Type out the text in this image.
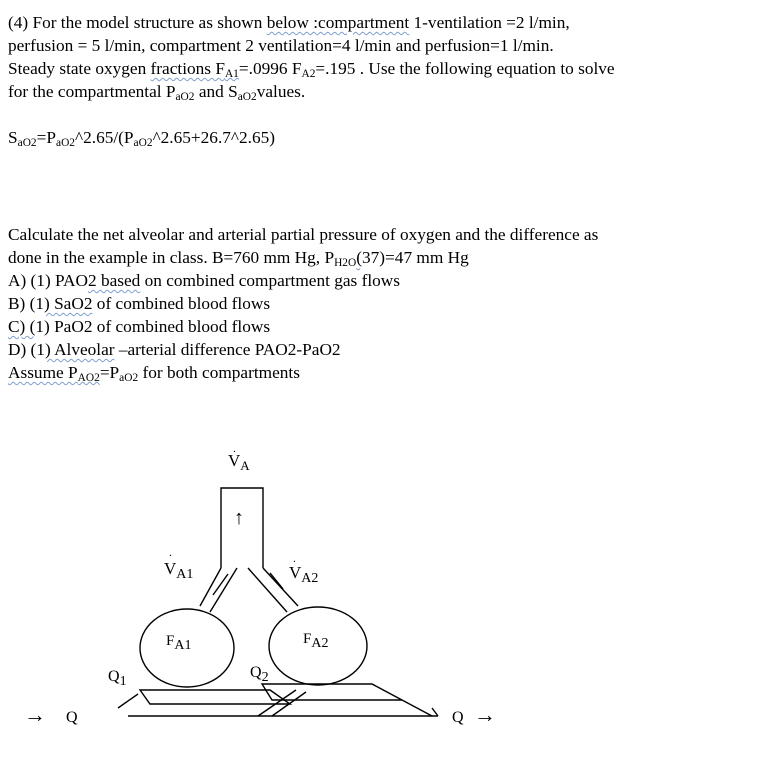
(4) For the model structure as shown below :compartment 1-ventilation =2 l/min,
perfusion = 5 l/min, compartment 2 ventilation=4 l/min and perfusion=1 l/min.
Steady state oxygen fractions $F_{A1}=.0996$ $F_{A2}=.195$ . Use the following equation to solve
for the compartmental $P_{aO2}$ and $S_{aO2}values$.
$S_{aO2}=P_{aO2}\^{}2.65/(P_{aO2}\^{}2.65+26.7\^{}2.65)$
Calculate the net alveolar and arterial partial pressure of oxygen and the difference as
done in the example in class. B=760 mm Hg, $P_{H2O}(37)=47$ mm Hg
A) (1) PAO2 based on combined compartment gas flows
B) (1) SaO2 of combined blood flows
C) (1) PaO2 of combined blood flows
D) (1) Alveolar –arterial difference PAO2-PaO2
Assume $P_{AO2}=P_{aO2}$ for both compartments
↑
.
$V_A$
.
$V_{A1}$
.
$V_{A2}$
FA1	FA2
Q1
Q2
→ Q	Q →
